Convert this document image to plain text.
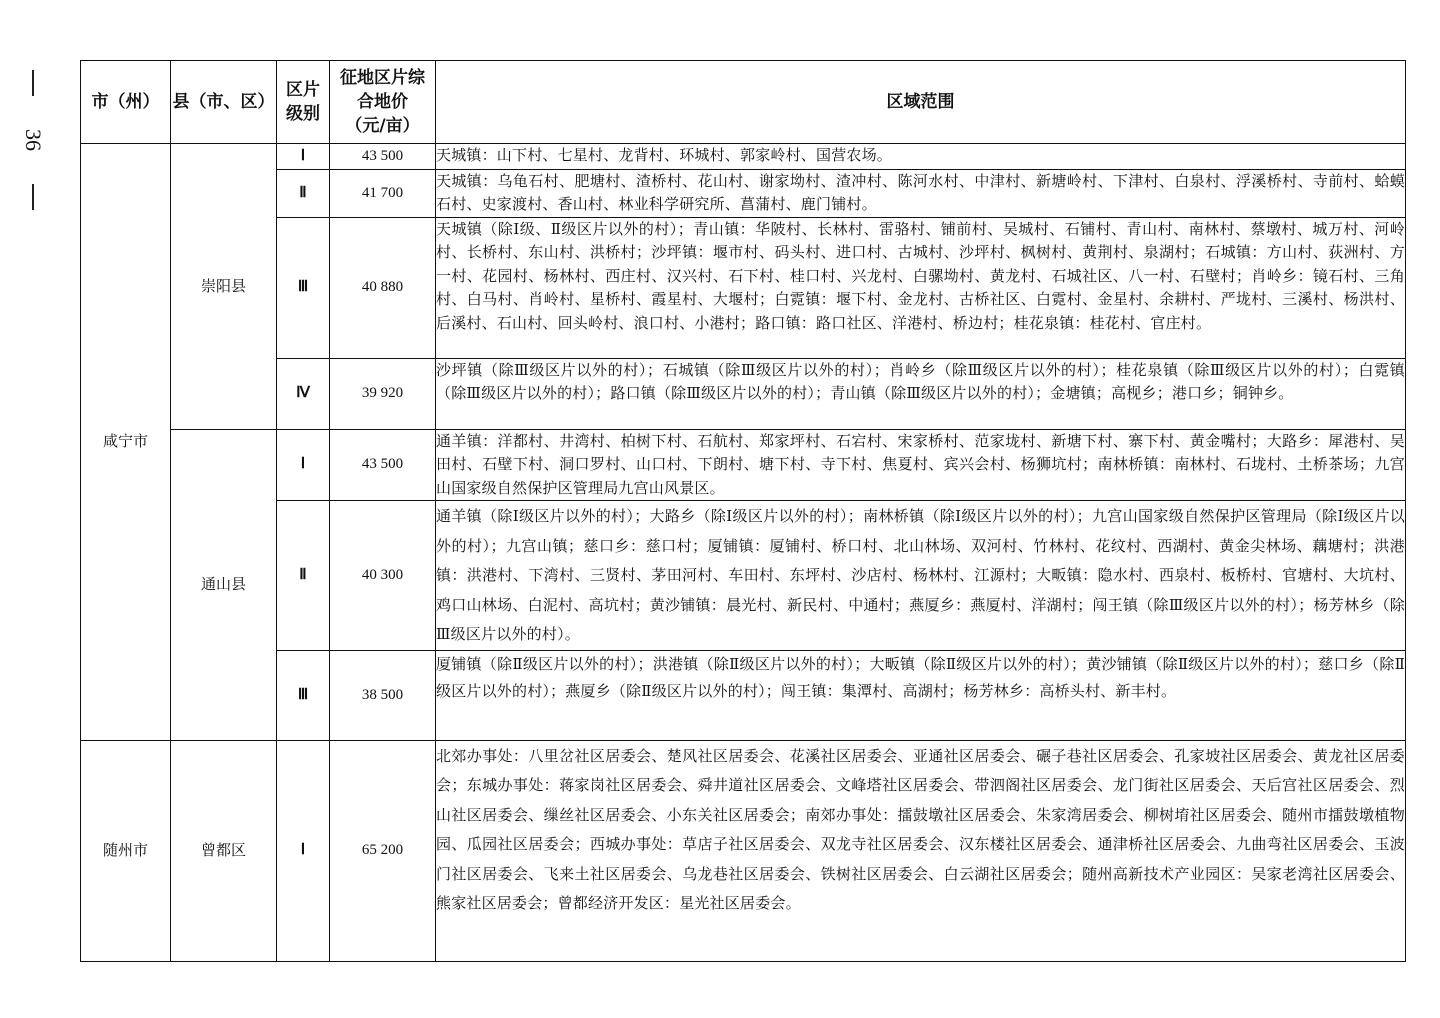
36
市（州）	县（市、区）	区片级别	征地区片综合地价（元/亩）	区域范围
咸宁市	崇阳县	Ⅰ	43 500	天城镇：山下村、七星村、龙背村、环城村、郭家岭村、国营农场。
		Ⅱ	41 700	天城镇：乌龟石村、肥塘村、渣桥村、花山村、谢家坳村、渣冲村、陈河水村、中津村、新塘岭村、下津村、白泉村、浮溪桥村、寺前村、蛤蟆石村、史家渡村、香山村、林业科学研究所、菖蒲村、鹿门铺村。
		Ⅲ	40 880	天城镇（除Ⅰ级、Ⅱ级区片以外的村）；青山镇：华陂村、长林村、雷骆村、铺前村、吴城村、石铺村、青山村、南林村、蔡墩村、城万村、河岭村、长桥村、东山村、洪桥村；沙坪镇：堰市村、码头村、进口村、古城村、沙坪村、枫树村、黄荆村、泉湖村；石城镇：方山村、荻洲村、方一村、花园村、杨林村、西庄村、汉兴村、石下村、桂口村、兴龙村、白骡坳村、黄龙村、石城社区、八一村、石壁村；肖岭乡：镜石村、三角村、白马村、肖岭村、星桥村、霞星村、大堰村；白霓镇：堰下村、金龙村、古桥社区、白霓村、金星村、余耕村、严垅村、三溪村、杨洪村、后溪村、石山村、回头岭村、浪口村、小港村；路口镇：路口社区、洋港村、桥边村；桂花泉镇：桂花村、官庄村。
		Ⅳ	39 920	沙坪镇（除Ⅲ级区片以外的村）；石城镇（除Ⅲ级区片以外的村）；肖岭乡（除Ⅲ级区片以外的村）；桂花泉镇（除Ⅲ级区片以外的村）；白霓镇（除Ⅲ级区片以外的村）；路口镇（除Ⅲ级区片以外的村）；青山镇（除Ⅲ级区片以外的村）；金塘镇；高枧乡；港口乡；铜钟乡。
	通山县	Ⅰ	43 500	通羊镇：洋都村、井湾村、柏树下村、石航村、郑家坪村、石宕村、宋家桥村、范家垅村、新塘下村、寨下村、黄金嘴村；大路乡：犀港村、吴田村、石壁下村、洞口罗村、山口村、下朗村、塘下村、寺下村、焦夏村、宾兴会村、杨狮坑村；南林桥镇：南林村、石垅村、土桥茶场；九宫山国家级自然保护区管理局九宫山风景区。
		Ⅱ	40 300	通羊镇（除Ⅰ级区片以外的村）；大路乡（除Ⅰ级区片以外的村）；南林桥镇（除Ⅰ级区片以外的村）；九宫山国家级自然保护区管理局（除Ⅰ级区片以外的村）；九宫山镇；慈口乡：慈口村；厦铺镇：厦铺村、桥口村、北山林场、双河村、竹林村、花纹村、西湖村、黄金尖林场、藕塘村；洪港镇：洪港村、下湾村、三贤村、茅田河村、车田村、东坪村、沙店村、杨林村、江源村；大畈镇：隐水村、西泉村、板桥村、官塘村、大坑村、鸡口山林场、白泥村、高坑村；黄沙铺镇：晨光村、新民村、中通村；燕厦乡：燕厦村、洋湖村；闯王镇（除Ⅲ级区片以外的村）；杨芳林乡（除Ⅲ级区片以外的村）。
		Ⅲ	38 500	厦铺镇（除Ⅱ级区片以外的村）；洪港镇（除Ⅱ级区片以外的村）；大畈镇（除Ⅱ级区片以外的村）；黄沙铺镇（除Ⅱ级区片以外的村）；慈口乡（除Ⅱ级区片以外的村）；燕厦乡（除Ⅱ级区片以外的村）；闯王镇：集潭村、高湖村；杨芳林乡：高桥头村、新丰村。
随州市	曾都区	Ⅰ	65 200	北郊办事处：八里岔社区居委会、楚风社区居委会、花溪社区居委会、亚通社区居委会、碾子巷社区居委会、孔家坡社区居委会、黄龙社区居委会；东城办事处：蒋家岗社区居委会、舜井道社区居委会、文峰塔社区居委会、带泗阁社区居委会、龙门街社区居委会、天后宫社区居委会、烈山社区居委会、缫丝社区居委会、小东关社区居委会；南郊办事处：擂鼓墩社区居委会、朱家湾居委会、柳树堉社区居委会、随州市擂鼓墩植物园、瓜园社区居委会；西城办事处：草店子社区居委会、双龙寺社区居委会、汉东楼社区居委会、通津桥社区居委会、九曲弯社区居委会、玉波门社区居委会、飞来土社区居委会、乌龙巷社区居委会、铁树社区居委会、白云湖社区居委会；随州高新技术产业园区：吴家老湾社区居委会、熊家社区居委会；曾都经济开发区：星光社区居委会。
